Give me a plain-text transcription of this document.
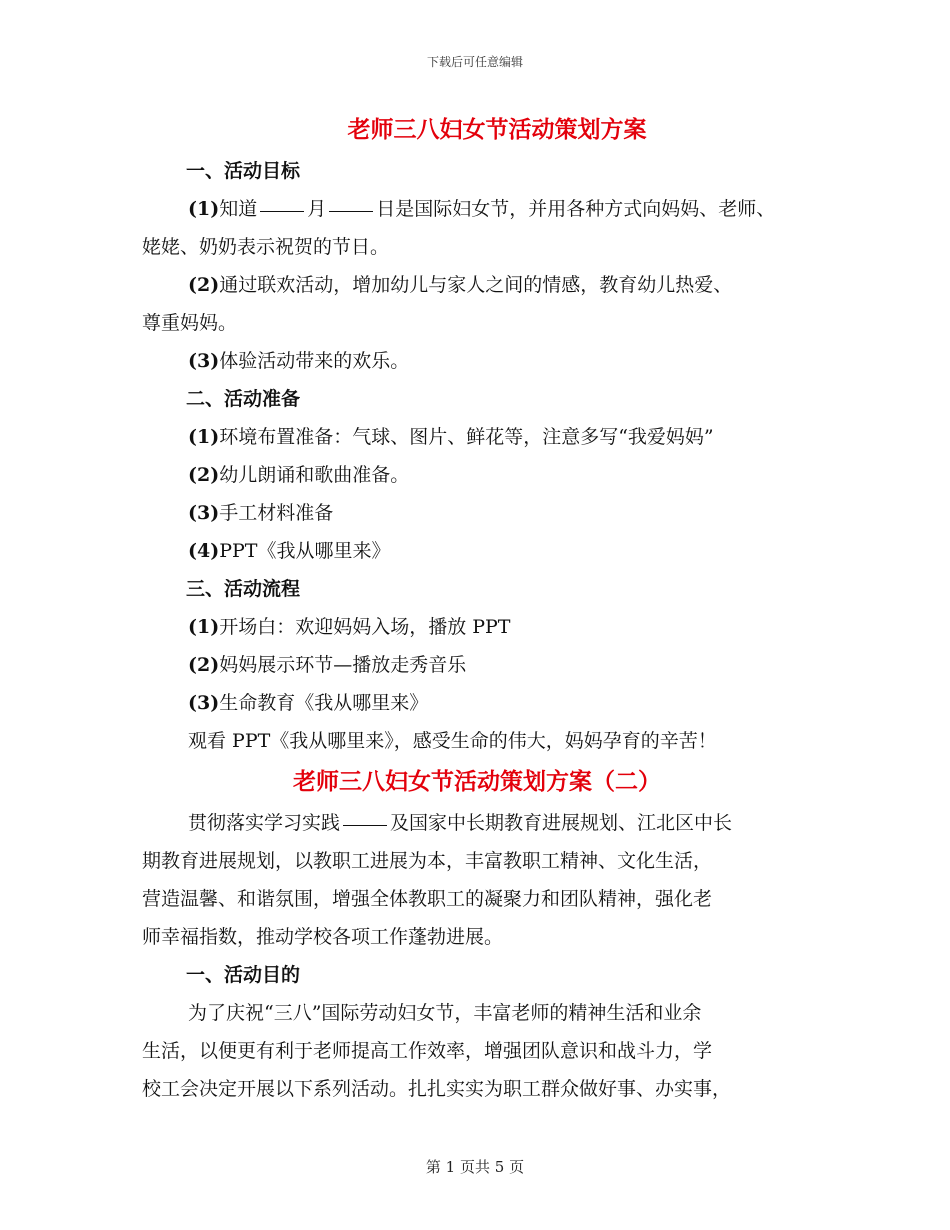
下载后可任意编辑
老师三八妇女节活动策划方案
一、活动目标
(1)知道	月	日是国际妇女节，并用各种方式向妈妈、老师、
姥姥、奶奶表示祝贺的节日。
(2)通过联欢活动，增加幼儿与家人之间的情感，教育幼儿热爱、
尊重妈妈。
(3)体验活动带来的欢乐。
二、活动准备
(1)环境布置准备：气球、图片、鲜花等，注意多写“我爱妈妈”
(2)幼儿朗诵和歌曲准备。
(3)手工材料准备
(4)PPT《我从哪里来》
三、活动流程
(1)开场白：欢迎妈妈入场，播放 PPT
(2)妈妈展示环节—播放走秀音乐
(3)生命教育《我从哪里来》
观看 PPT《我从哪里来》，感受生命的伟大，妈妈孕育的辛苦！
老师三八妇女节活动策划方案（二）
贯彻落实学习实践	及国家中长期教育进展规划、江北区中长
期教育进展规划，以教职工进展为本，丰富教职工精神、文化生活，
营造温馨、和谐氛围，增强全体教职工的凝聚力和团队精神，强化老
师幸福指数，推动学校各项工作蓬勃进展。
一、活动目的
为了庆祝“三八”国际劳动妇女节，丰富老师的精神生活和业余
生活，以便更有利于老师提高工作效率，增强团队意识和战斗力，学
校工会决定开展以下系列活动。扎扎实实为职工群众做好事、办实事，
第 1 页共 5 页
